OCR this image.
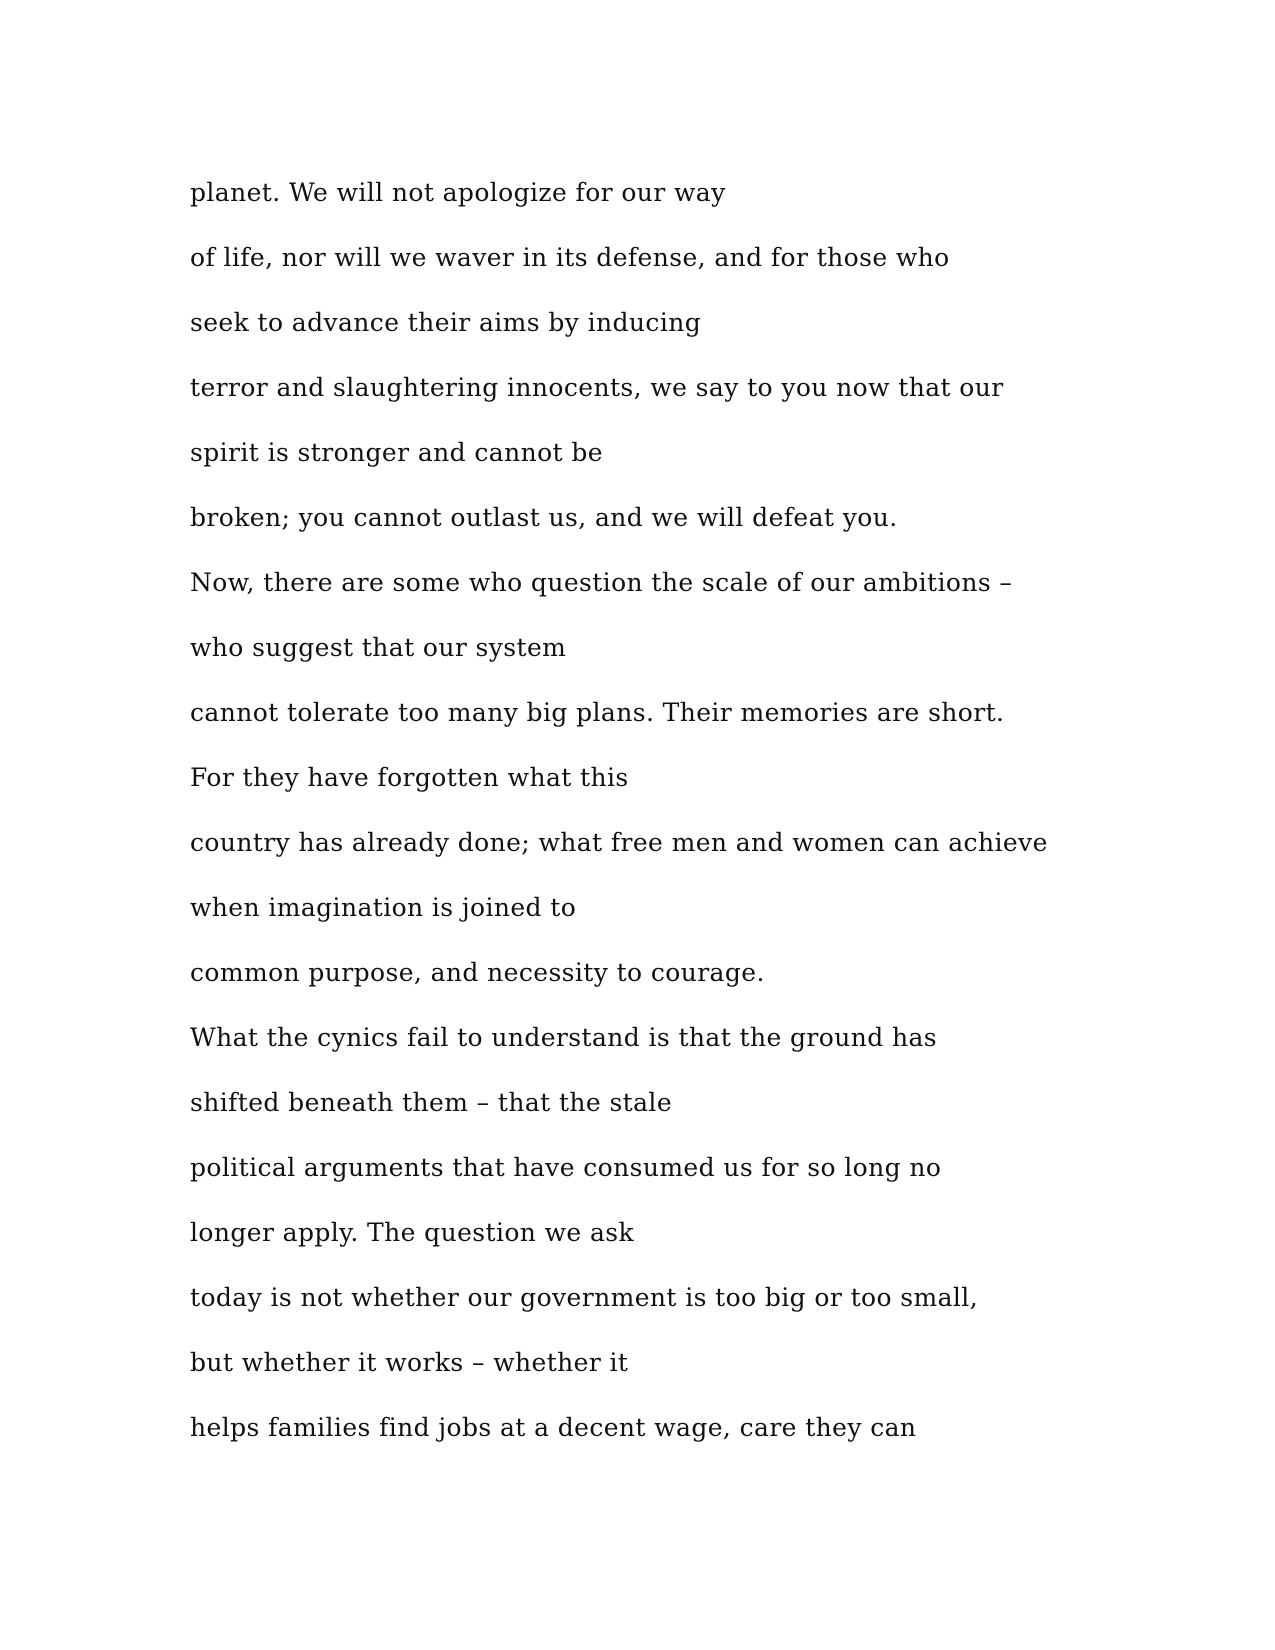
planet. We will not apologize for our way
of life, nor will we waver in its defense, and for those who
seek to advance their aims by inducing
terror and slaughtering innocents, we say to you now that our
spirit is stronger and cannot be
broken; you cannot outlast us, and we will defeat you.
Now, there are some who question the scale of our ambitions –
who suggest that our system
cannot tolerate too many big plans. Their memories are short.
For they have forgotten what this
country has already done; what free men and women can achieve
when imagination is joined to
common purpose, and necessity to courage.
What the cynics fail to understand is that the ground has
shifted beneath them – that the stale
political arguments that have consumed us for so long no
longer apply. The question we ask
today is not whether our government is too big or too small,
but whether it works – whether it
helps families find jobs at a decent wage, care they can
